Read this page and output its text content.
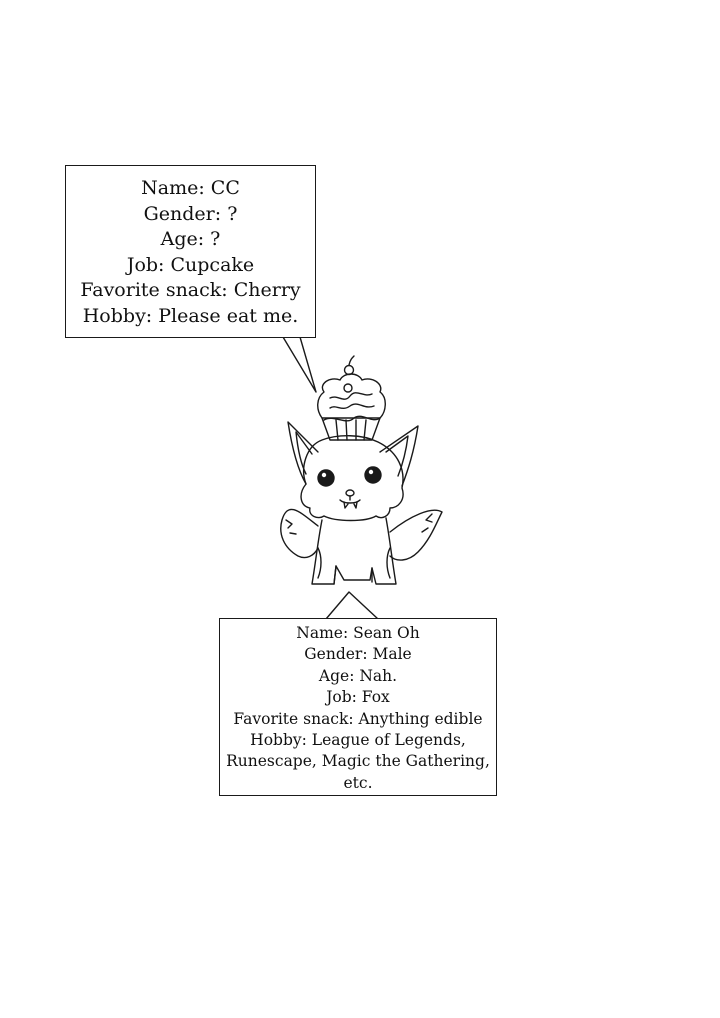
Name: CC
Gender: ?
Age: ?
Job: Cupcake
Favorite snack: Cherry
Hobby: Please eat me.
Name: Sean Oh
Gender: Male
Age: Nah.
Job: Fox
Favorite snack: Anything edible
Hobby: League of Legends,
Runescape, Magic the Gathering,
etc.
